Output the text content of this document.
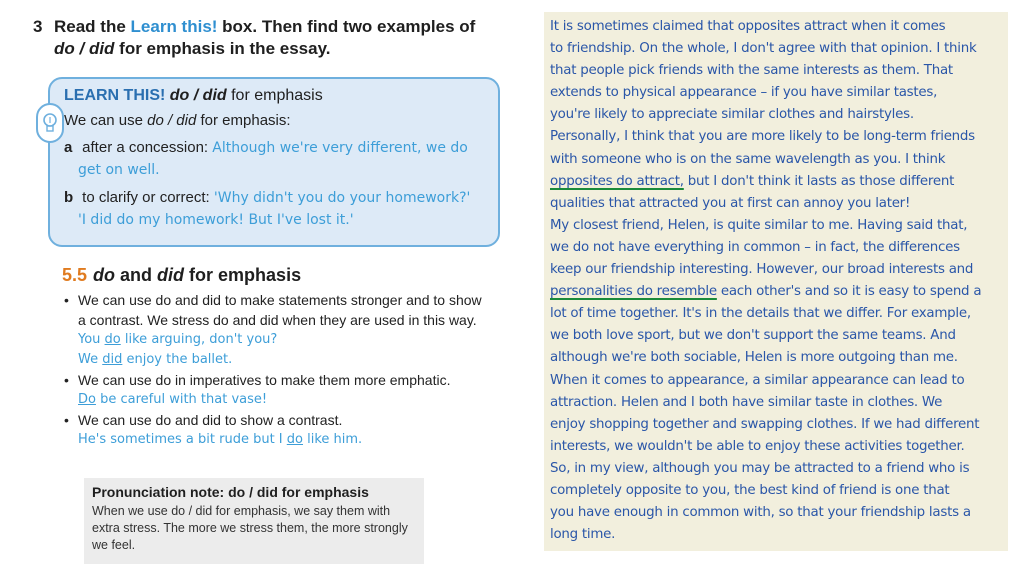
3 Read the Learn this! box. Then find two examples of
do / did for emphasis in the essay.
LEARN THIS! do / did for emphasis
We can use do / did for emphasis:
a after a concession: Although we're very different, we do
get on well.
b to clarify or correct: 'Why didn't you do your homework?'
'I did do my homework! But I've lost it.'
5.5 do and did for emphasis
• We can use do and did to make statements stronger and to show a contrast. We stress do and did when they are used in this way.
You do like arguing, don't you?
We did enjoy the ballet.
• We can use do in imperatives to make them more emphatic.
Do be careful with that vase!
• We can use do and did to show a contrast.
He's sometimes a bit rude but I do like him.
Pronunciation note: do / did for emphasis
When we use do / did for emphasis, we say them with extra stress. The more we stress them, the more strongly we feel.
It is sometimes claimed that opposites attract when it comes
to friendship. On the whole, I don't agree with that opinion. I think
that people pick friends with the same interests as them. That
extends to physical appearance – if you have similar tastes,
you're likely to appreciate similar clothes and hairstyles.
Personally, I think that you are more likely to be long-term friends
with someone who is on the same wavelength as you. I think
opposites do attract, but I don't think it lasts as those different
qualities that attracted you at first can annoy you later!
My closest friend, Helen, is quite similar to me. Having said that,
we do not have everything in common – in fact, the differences
keep our friendship interesting. However, our broad interests and
personalities do resemble each other's and so it is easy to spend a
lot of time together. It's in the details that we differ. For example,
we both love sport, but we don't support the same teams. And
although we're both sociable, Helen is more outgoing than me.
When it comes to appearance, a similar appearance can lead to
attraction. Helen and I both have similar taste in clothes. We
enjoy shopping together and swapping clothes. If we had different
interests, we wouldn't be able to enjoy these activities together.
So, in my view, although you may be attracted to a friend who is
completely opposite to you, the best kind of friend is one that
you have enough in common with, so that your friendship lasts a
long time.
